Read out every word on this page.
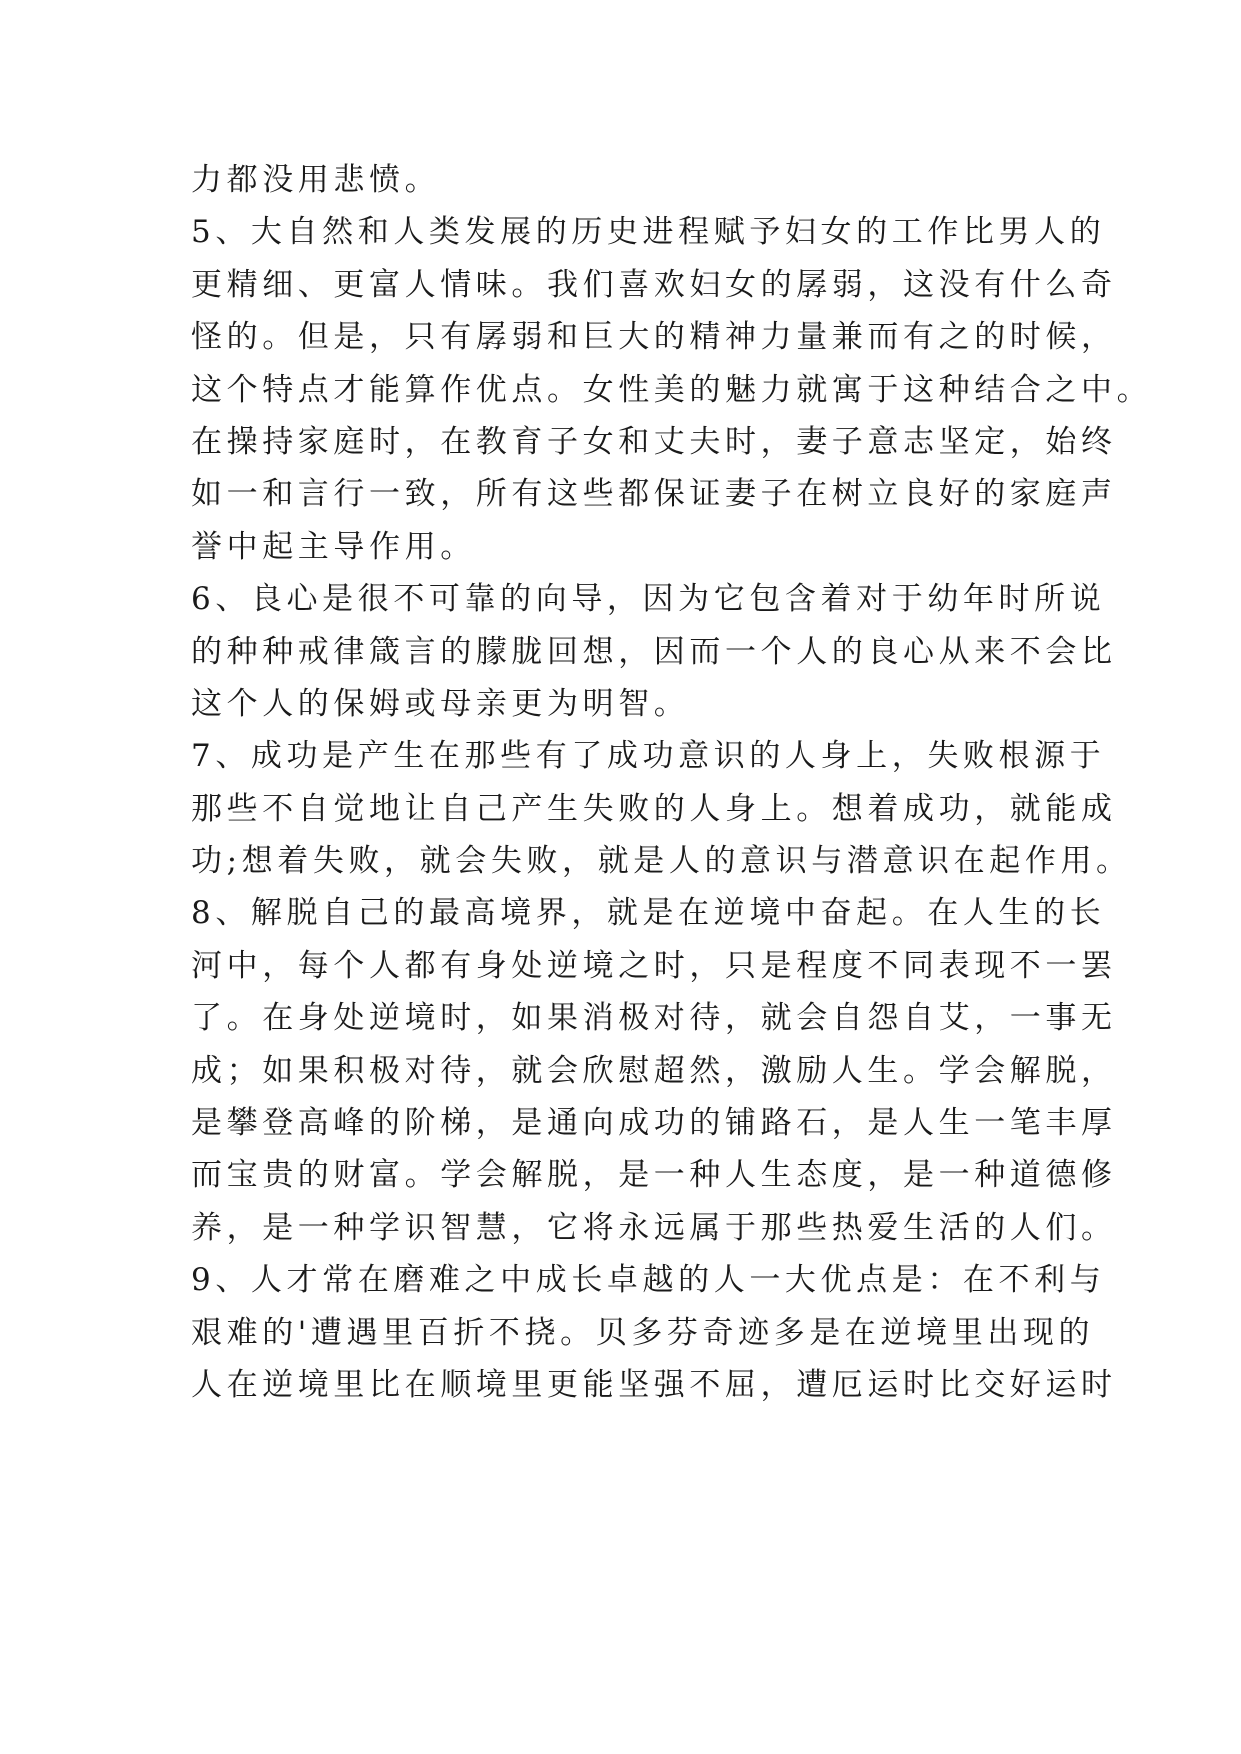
力都没用悲愤。
5、大自然和人类发展的历史进程赋予妇女的工作比男人的
更精细、更富人情味。我们喜欢妇女的孱弱，这没有什么奇
怪的。但是，只有孱弱和巨大的精神力量兼而有之的时候，
这个特点才能算作优点。女性美的魅力就寓于这种结合之中。
在操持家庭时，在教育子女和丈夫时，妻子意志坚定，始终
如一和言行一致，所有这些都保证妻子在树立良好的家庭声
誉中起主导作用。
6、良心是很不可靠的向导，因为它包含着对于幼年时所说
的种种戒律箴言的朦胧回想，因而一个人的良心从来不会比
这个人的保姆或母亲更为明智。
7、成功是产生在那些有了成功意识的人身上，失败根源于
那些不自觉地让自己产生失败的人身上。想着成功，就能成
功;想着失败，就会失败，就是人的意识与潜意识在起作用。
8、解脱自己的最高境界，就是在逆境中奋起。在人生的长
河中，每个人都有身处逆境之时，只是程度不同表现不一罢
了。在身处逆境时，如果消极对待，就会自怨自艾，一事无
成；如果积极对待，就会欣慰超然，激励人生。学会解脱，
是攀登高峰的阶梯，是通向成功的铺路石，是人生一笔丰厚
而宝贵的财富。学会解脱，是一种人生态度，是一种道德修
养，是一种学识智慧，它将永远属于那些热爱生活的人们。
9、人才常在磨难之中成长卓越的人一大优点是：在不利与
艰难的'遭遇里百折不挠。贝多芬奇迹多是在逆境里出现的
人在逆境里比在顺境里更能坚强不屈，遭厄运时比交好运时
